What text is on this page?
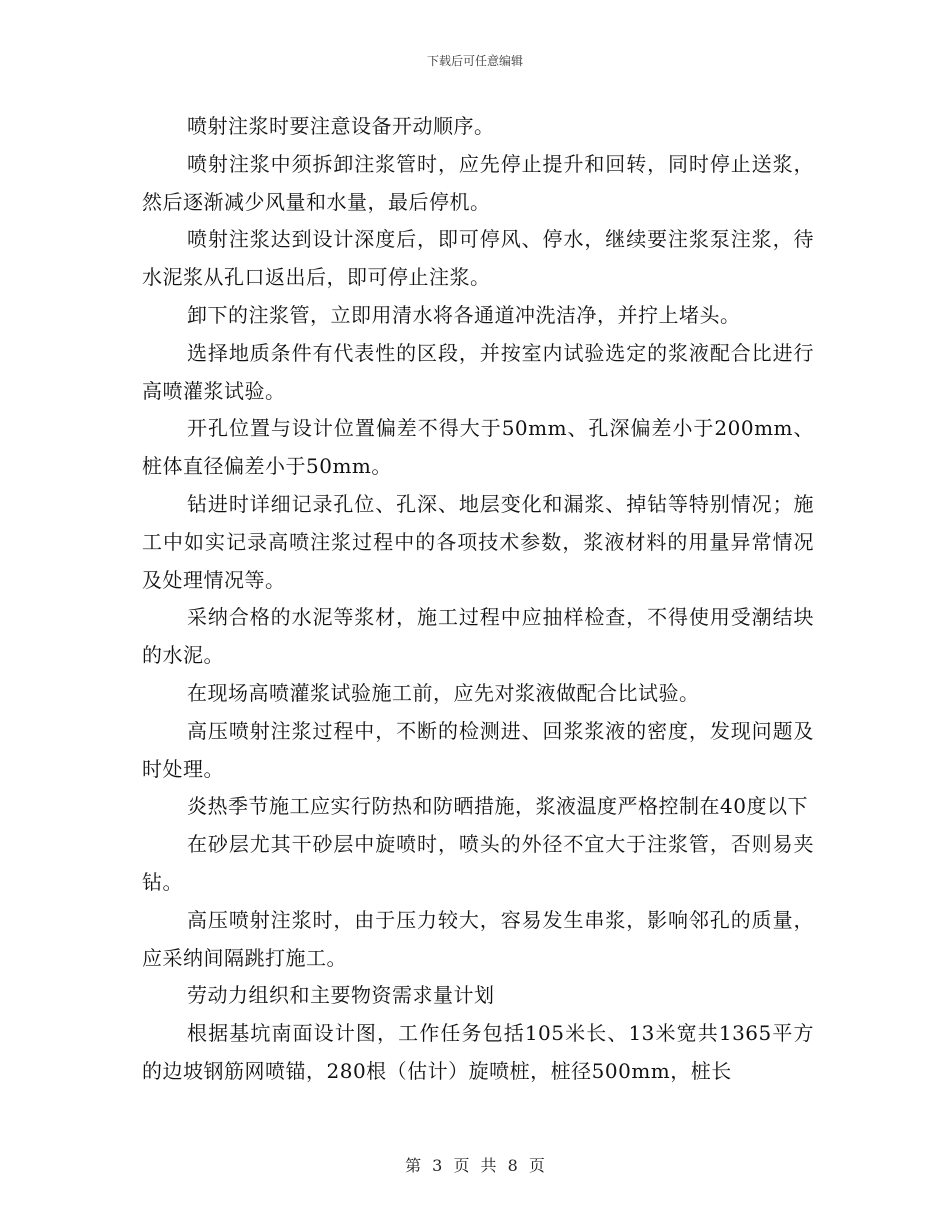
下载后可任意编辑

喷射注浆时要注意设备开动顺序。

喷射注浆中须拆卸注浆管时，应先停止提升和回转，同时停止送浆，然后逐渐减少风量和水量，最后停机。

喷射注浆达到设计深度后，即可停风、停水，继续要注浆泵注浆，待水泥浆从孔口返出后，即可停止注浆。

卸下的注浆管，立即用清水将各通道冲洗洁净，并拧上堵头。

选择地质条件有代表性的区段，并按室内试验选定的浆液配合比进行高喷灌浆试验。

开孔位置与设计位置偏差不得大于50mm、孔深偏差小于200mm、桩体直径偏差小于50mm。

钻进时详细记录孔位、孔深、地层变化和漏浆、掉钻等特别情况；施工中如实记录高喷注浆过程中的各项技术参数，浆液材料的用量异常情况及处理情况等。

采纳合格的水泥等浆材，施工过程中应抽样检查，不得使用受潮结块的水泥。

在现场高喷灌浆试验施工前，应先对浆液做配合比试验。

高压喷射注浆过程中，不断的检测进、回浆浆液的密度，发现问题及时处理。

炎热季节施工应实行防热和防晒措施，浆液温度严格控制在40度以下

在砂层尤其干砂层中旋喷时，喷头的外径不宜大于注浆管，否则易夹钻。

高压喷射注浆时，由于压力较大，容易发生串浆，影响邻孔的质量，应采纳间隔跳打施工。

劳动力组织和主要物资需求量计划

根据基坑南面设计图，工作任务包括105米长、13米宽共1365平方的边坡钢筋网喷锚，280根（估计）旋喷桩，桩径500mm，桩长

第 3 页 共 8 页
